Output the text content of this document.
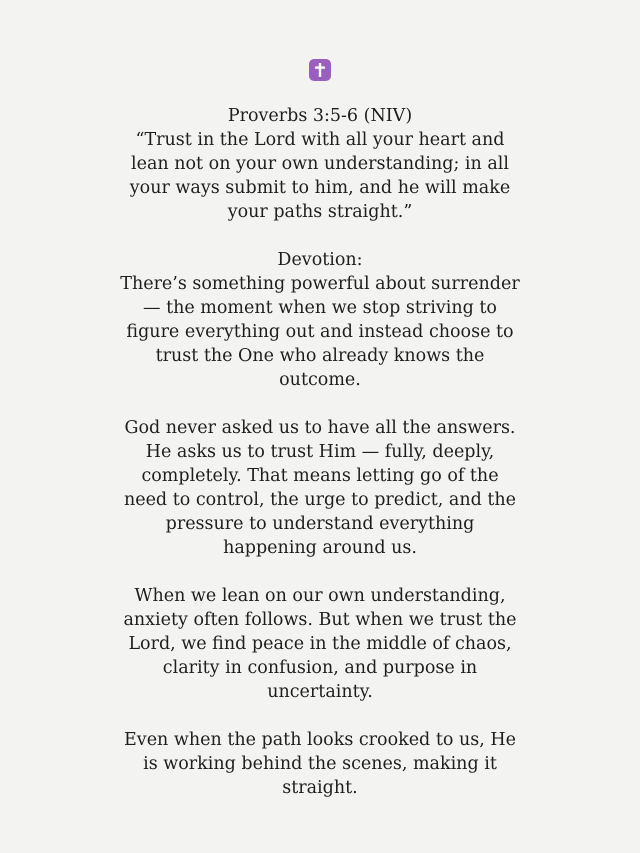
Proverbs 3:5-6 (NIV)

“Trust in the Lord with all your heart and lean not on your own understanding; in all your ways submit to him, and he will make your paths straight.”

Devotion:

There’s something powerful about surrender — the moment when we stop striving to figure everything out and instead choose to trust the One who already knows the outcome.

God never asked us to have all the answers. He asks us to trust Him — fully, deeply, completely. That means letting go of the need to control, the urge to predict, and the pressure to understand everything happening around us.

When we lean on our own understanding, anxiety often follows. But when we trust the Lord, we find peace in the middle of chaos, clarity in confusion, and purpose in uncertainty.

Even when the path looks crooked to us, He is working behind the scenes, making it straight.
